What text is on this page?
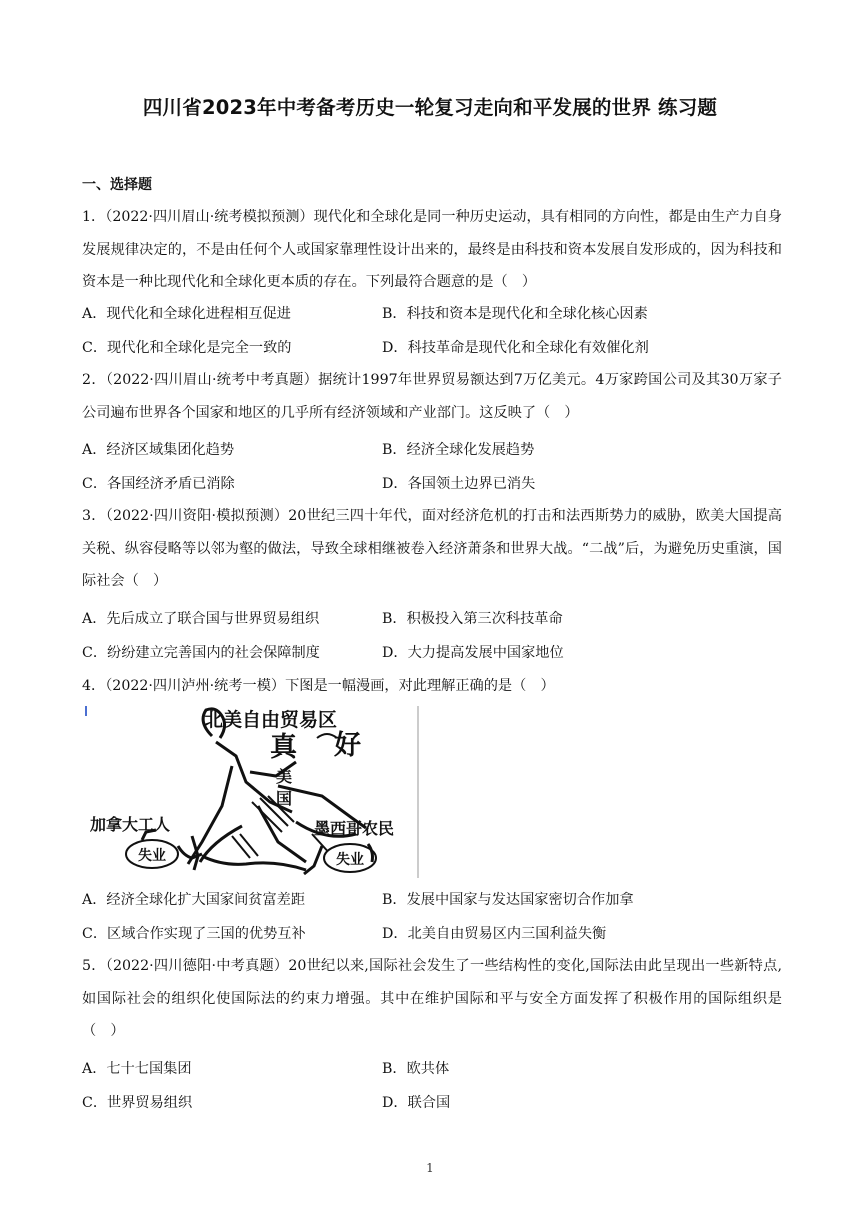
四川省2023年中考备考历史一轮复习走向和平发展的世界 练习题
一、选择题
1．（2022·四川眉山·统考模拟预测）现代化和全球化是同一种历史运动，具有相同的方向性，都是由生产力自身发展规律决定的，不是由任何个人或国家靠理性设计出来的，最终是由科技和资本发展自发形成的，因为科技和资本是一种比现代化和全球化更本质的存在。下列最符合题意的是（　）
A．现代化和全球化进程相互促进	B．科技和资本是现代化和全球化核心因素
C．现代化和全球化是完全一致的	D．科技革命是现代化和全球化有效催化剂
2．（2022·四川眉山·统考中考真题）据统计1997年世界贸易额达到7万亿美元。4万家跨国公司及其30万家子公司遍布世界各个国家和地区的几乎所有经济领域和产业部门。这反映了（　）
A．经济区域集团化趋势	B．经济全球化发展趋势
C．各国经济矛盾已消除	D．各国领土边界已消失
3．（2022·四川资阳·模拟预测）20世纪三四十年代，面对经济危机的打击和法西斯势力的威胁，欧美大国提高关税、纵容侵略等以邻为壑的做法，导致全球相继被卷入经济萧条和世界大战。“二战”后，为避免历史重演，国际社会（　）
A．先后成立了联合国与世界贸易组织	B．积极投入第三次科技革命
C．纷纷建立完善国内的社会保障制度	D．大力提高发展中国家地位
4．（2022·四川泸州·统考一模）下图是一幅漫画，对此理解正确的是（　）
北美自由贸易区
真 好
美
国
加拿大工人	墨西哥农民
失业	失业
A．经济全球化扩大国家间贫富差距	B．发展中国家与发达国家密切合作加拿
C．区域合作实现了三国的优势互补	D．北美自由贸易区内三国利益失衡
5．（2022·四川德阳·中考真题）20世纪以来,国际社会发生了一些结构性的变化,国际法由此呈现出一些新特点,如国际社会的组织化使国际法的约束力增强。其中在维护国际和平与安全方面发挥了积极作用的国际组织是（　）
A．七十七国集团	B．欧共体
C．世界贸易组织	D．联合国
1
